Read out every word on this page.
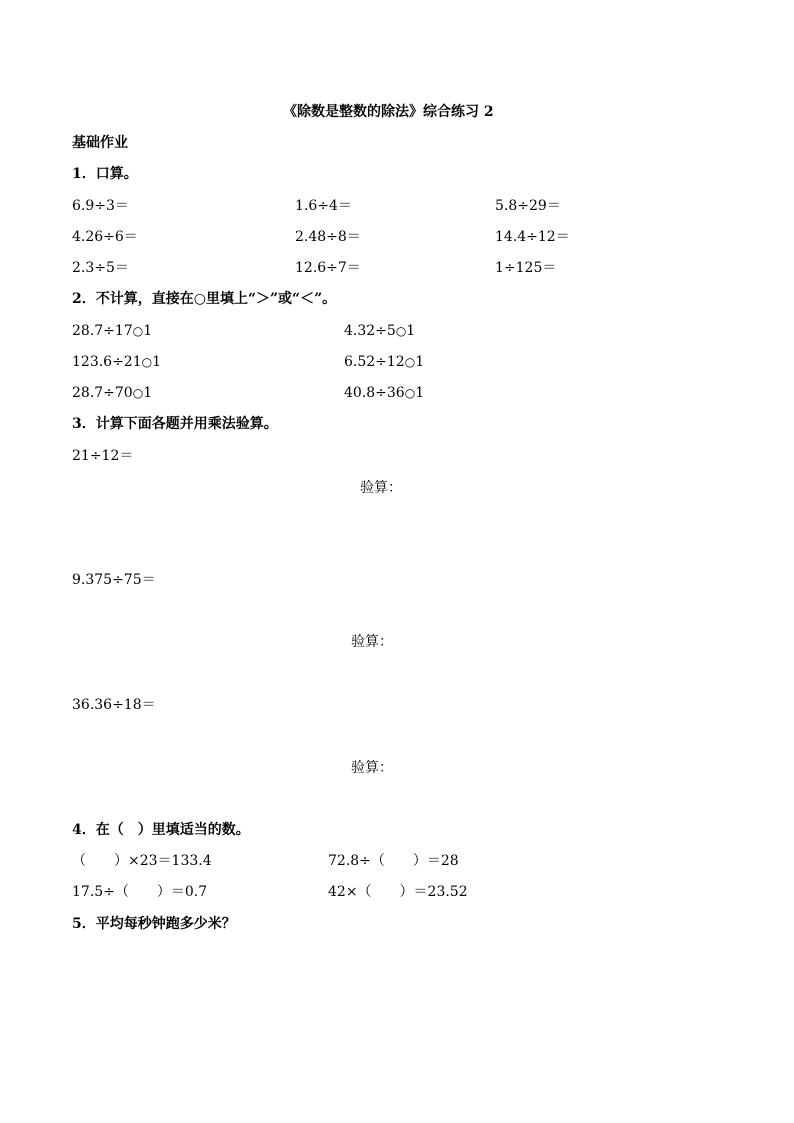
《除数是整数的除法》综合练习 2
基础作业
1．口算。
6.9÷3＝	1.6÷4＝	5.8÷29＝
4.26÷6＝	2.48÷8＝	14.4÷12＝
2.3÷5＝	12.6÷7＝	1÷125＝
2．不计算，直接在○里填上“＞”或“＜”。
28.7÷17○1	4.32÷5○1
123.6÷21○1	6.52÷12○1
28.7÷70○1	40.8÷36○1
3．计算下面各题并用乘法验算。
21÷12＝
验算：
9.375÷75＝
验算：
36.36÷18＝
验算：
4．在（　）里填适当的数。
（　　）×23＝133.4	72.8÷（　　）＝28
17.5÷（　　）＝0.7	42×（　　）＝23.52
5．平均每秒钟跑多少米？
